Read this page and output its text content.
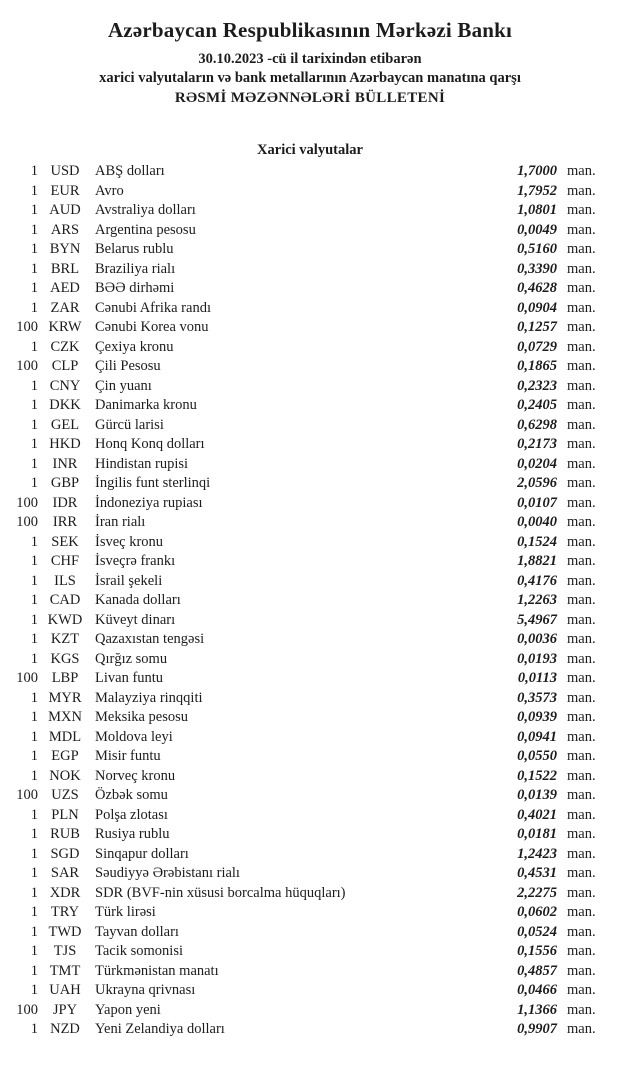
Azərbaycan Respublikasının Mərkəzi Bankı
30.10.2023 -cü il tarixindən etibarən
xarici valyutaların və bank metallarının Azərbaycan manatına qarşı
RƏSMİ MƏZƏNNƏLƏRİ BÜLLETENİ
Xarici valyutalar
1 USD	ABŞ dolları	1,7000 man.
1 EUR	Avro	1,7952 man.
1 AUD Avstraliya dolları	1,0801 man.
1 ARS	Argentina pesosu	0,0049 man.
1 BYN	Belarus rublu	0,5160 man.
1 BRL	Braziliya rialı	0,3390 man.
1 AED	BƏƏ dirhəmi	0,4628 man.
1 ZAR	Cənubi Afrika randı	0,0904 man.
100 KRW Cənubi Korea vonu	0,1257 man.
1 CZK	Çexiya kronu	0,0729 man.
100 CLP	Çili Pesosu	0,1865 man.
1 CNY	Çin yuanı	0,2323 man.
1 DKK Danimarka kronu	0,2405 man.
1 GEL	Gürcü larisi	0,6298 man.
1 HKD Honq Konq dolları	0,2173 man.
1	INR	Hindistan rupisi	0,0204 man.
1 GBP	İngilis funt sterlinqi	2,0596 man.
100	IDR	İndoneziya rupiası	0,0107 man.
100	IRR	İran rialı	0,0040 man.
1 SEK	İsveç kronu	0,1524 man.
1 CHF	İsveçrə frankı	1,8821 man.
1	ILS	İsrail şekeli	0,4176 man.
1 CAD	Kanada dolları	1,2263 man.
1 KWD Küveyt dinarı	5,4967 man.
1 KZT	Qazaxıstan tengəsi	0,0036 man.
1 KGS	Qırğız somu	0,0193 man.
100 LBP	Livan funtu	0,0113 man.
1 MYR Malayziya rinqqiti	0,3573 man.
1 MXN Meksika pesosu	0,0939 man.
1 MDL Moldova leyi	0,0941 man.
1 EGP	Misir funtu	0,0550 man.
1 NOK Norveç kronu	0,1522 man.
100 UZS	Özbək somu	0,0139 man.
1 PLN	Polşa zlotası	0,4021 man.
1 RUB	Rusiya rublu	0,0181 man.
1 SGD	Sinqapur dolları	1,2423 man.
1 SAR	Səudiyyə Ərəbistanı rialı	0,4531 man.
1 XDR	SDR (BVF-nin xüsusi borcalma hüquqları)	2,2275 man.
1 TRY	Türk lirəsi	0,0602 man.
1 TWD Tayvan dolları	0,0524 man.
1	TJS	Tacik somonisi	0,1556 man.
1 TMT	Türkmənistan manatı	0,4857 man.
1 UAH Ukrayna qrivnası	0,0466 man.
100	JPY	Yapon yeni	1,1366 man.
1 NZD	Yeni Zelandiya dolları	0,9907 man.
